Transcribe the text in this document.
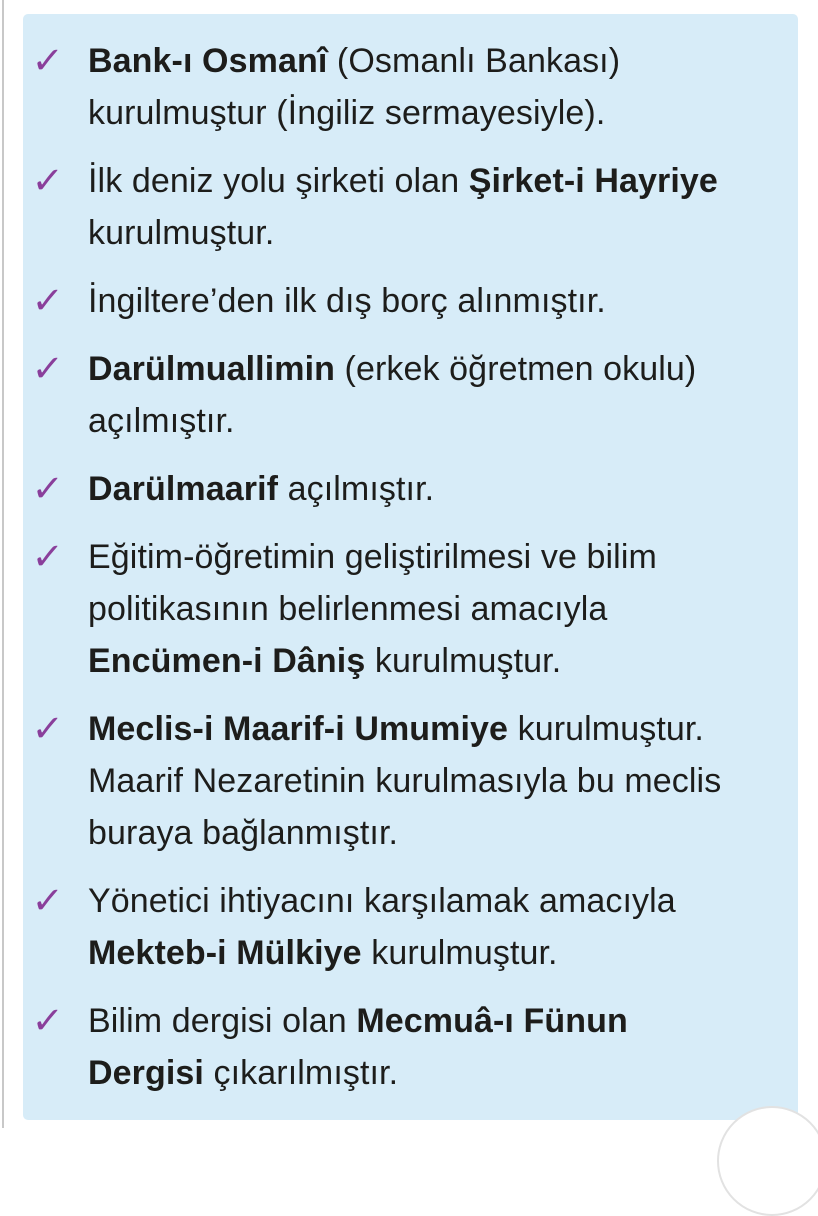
✓ Bank-ı Osmanî (Osmanlı Bankası)
kurulmuştur (İngiliz sermayesiyle).
✓ İlk deniz yolu şirketi olan Şirket-i Hayriye
kurulmuştur.
✓ İngiltere’den ilk dış borç alınmıştır.
✓ Darülmuallimin (erkek öğretmen okulu)
açılmıştır.
✓ Darülmaarif açılmıştır.
✓ Eğitim-öğretimin geliştirilmesi ve bilim
politikasının belirlenmesi amacıyla
Encümen-i Dâniş kurulmuştur.
✓ Meclis-i Maarif-i Umumiye kurulmuştur.
Maarif Nezaretinin kurulmasıyla bu meclis
buraya bağlanmıştır.
✓ Yönetici ihtiyacını karşılamak amacıyla
Mekteb-i Mülkiye kurulmuştur.
✓ Bilim dergisi olan Mecmuâ-ı Fünun
Dergisi çıkarılmıştır.
